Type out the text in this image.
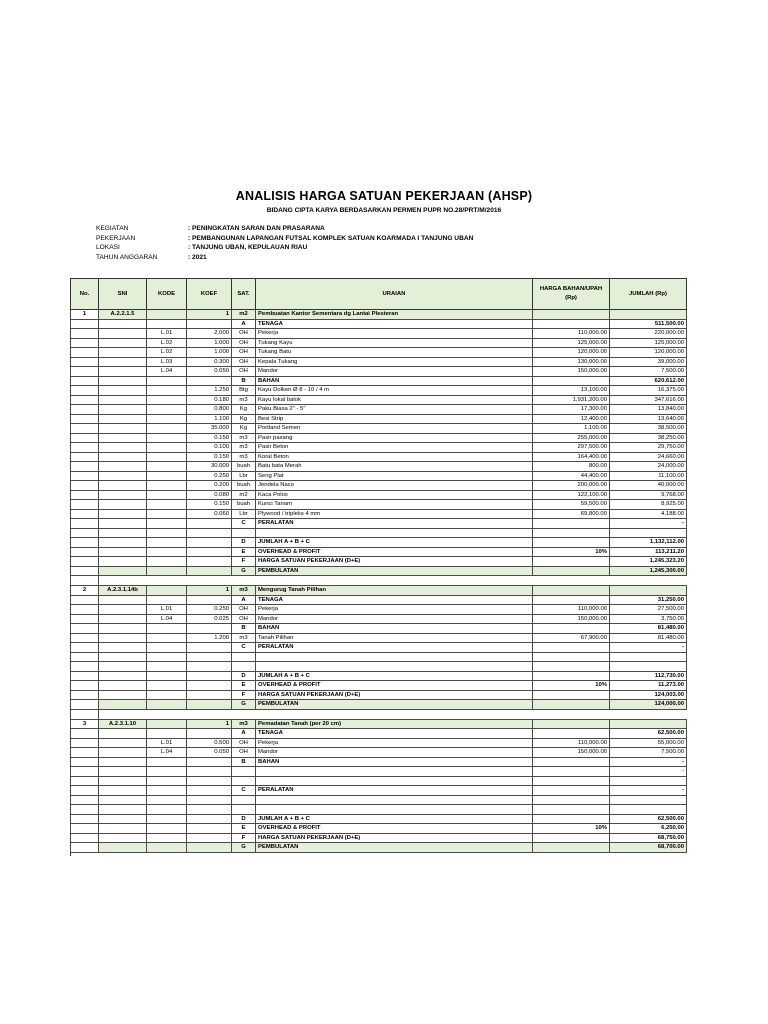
ANALISIS HARGA SATUAN PEKERJAAN (AHSP)
BIDANG CIPTA KARYA BERDASARKAN PERMEN PUPR NO.28/PRT/M/2016
KEGIATAN	: PENINGKATAN SARAN DAN PRASARANA
PEKERJAAN	: PEMBANGUNAN LAPANGAN FUTSAL KOMPLEK SATUAN KOARMADA I TANJUNG UBAN
LOKASI	: TANJUNG UBAN, KEPULAUAN RIAU
TAHUN ANGGARAN	: 2021
No.	SNI	KODE	KOEF	SAT.	URAIAN	HARGA BAHAN/UPAH (Rp)	JUMLAH (Rp)
1	A.2.2.1.5		1	m2	Pembuatan Kantor Sementara dg Lantai Plesteran		
				A	TENAGA		511,500.00
		L.01	2.000	OH	Pekerja	110,000.00	220,000.00
		L.02	1.000	OH	Tukang Kayu	125,000.00	125,000.00
		L.02	1.000	OH	Tukang Batu	120,000.00	120,000.00
		L.03	0.300	OH	Kepala Tukang	130,000.00	39,000.00
		L.04	0.050	OH	Mandor	150,000.00	7,500.00
				B	BAHAN		620,612.00
			1.250	Btg	Kayu Dolken Ø 8 - 10 / 4 m	13,100.00	16,375.00
			0.180	m3	Kayu lokal balok	1,931,200.00	347,616.00
			0.800	Kg	Paku Biasa 2" - 5"	17,300.00	13,840.00
			1.100	Kg	Besi Strip	12,400.00	13,640.00
			35.000	Kg	Portland Semen	1,100.00	38,500.00
			0.150	m3	Pasir pasang	255,000.00	38,250.00
			0.100	m3	Pasir Beton	297,500.00	29,750.00
			0.150	m3	Koral Beton	164,400.00	24,660.00
			30.000	buah	Batu bata Merah	800.00	24,000.00
			0.250	Lbr	Seng Plat	44,400.00	11,100.00
			0.200	buah	Jendela Naco	200,000.00	40,000.00
			0.080	m2	Kaca Polos	122,100.00	9,768.00
			0.150	buah	Kunci Tanam	59,500.00	8,925.00
			0.060	Lbr	Plywood / tripleks 4 mm	69,800.00	4,188.00
				C	PERALATAN		-

				D	JUMLAH A + B + C		1,132,112.00
				E	OVERHEAD & PROFIT	10%	113,211.20
				F	HARGA SATUAN PEKERJAAN (D+E)		1,245,323.20
				G	PEMBULATAN		1,245,300.00

2	A.2.3.1.14b		1	m3	Mengurug Tanah Pilihan		
				A	TENAGA		31,250.00
		L.01	0.250	OH	Pekerja	110,000.00	27,500.00
		L.04	0.025	OH	Mandor	150,000.00	3,750.00
				B	BAHAN		81,480.00
			1.200	m3	Tanah Pilihan	67,900.00	81,480.00
				C	PERALATAN		-

				D	JUMLAH A + B + C		112,730.00
				E	OVERHEAD & PROFIT	10%	11,273.00
				F	HARGA SATUAN PEKERJAAN (D+E)		124,003.00
				G	PEMBULATAN		124,000.00

3	A.2.3.1.10		1	m3	Pemadatan Tanah (per 20 cm)		
				A	TENAGA		62,500.00
		L.01	0.500	OH	Pekerja	110,000.00	55,000.00
		L.04	0.050	OH	Mandor	150,000.00	7,500.00
				B	BAHAN		-
							-

				C	PERALATAN		-

				D	JUMLAH A + B + C		62,500.00
				E	OVERHEAD & PROFIT	10%	6,250.00
				F	HARGA SATUAN PEKERJAAN (D+E)		68,750.00
				G	PEMBULATAN		68,700.00
